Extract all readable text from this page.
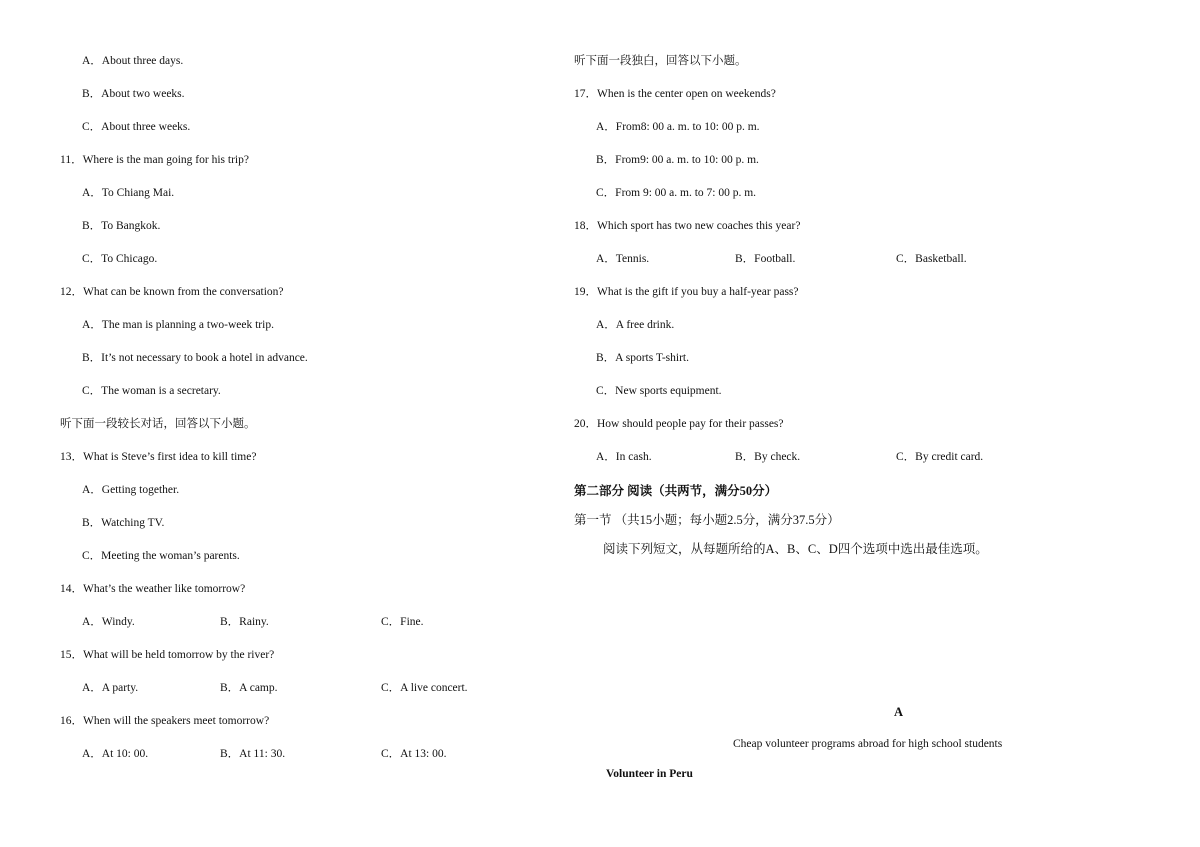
A．About three days.
B．About two weeks.
C．About three weeks.
11．Where is the man going for his trip?
A．To Chiang Mai.
B．To Bangkok.
C．To Chicago.
12．What can be known from the conversation?
A．The man is planning a two-week trip.
B．It’s not necessary to book a hotel in advance.
C．The woman is a secretary.
听下面一段较长对话，回答以下小题。
13．What is Steve’s first idea to kill time?
A．Getting together.
B．Watching TV.
C．Meeting the woman’s parents.
14．What’s the weather like tomorrow?
A．Windy.	B．Rainy.	C．Fine.
15．What will be held tomorrow by the river?
A．A party.	B．A camp.	C．A live concert.
16．When will the speakers meet tomorrow?
A．At 10: 00.	B．At 11: 30.	C．At 13: 00.
听下面一段独白，回答以下小题。
17．When is the center open on weekends?
A．From8: 00 a. m. to 10: 00 p. m.
B．From9: 00 a. m. to 10: 00 p. m.
C．From 9: 00 a. m. to 7: 00 p. m.
18．Which sport has two new coaches this year?
A．Tennis.	B．Football.	C．Basketball.
19．What is the gift if you buy a half-year pass?
A．A free drink.
B．A sports T-shirt.
C．New sports equipment.
20．How should people pay for their passes?
A．In cash.	B．By check.	C．By credit card.
第二部分 阅读（共两节，满分50分）
第一节 （共15小题；每小题2.5分，满分37.5分）
阅读下列短文，从每题所给的A、B、C、D四个选项中选出最佳选项。
A
Cheap volunteer programs abroad for high school students
Volunteer in Peru
